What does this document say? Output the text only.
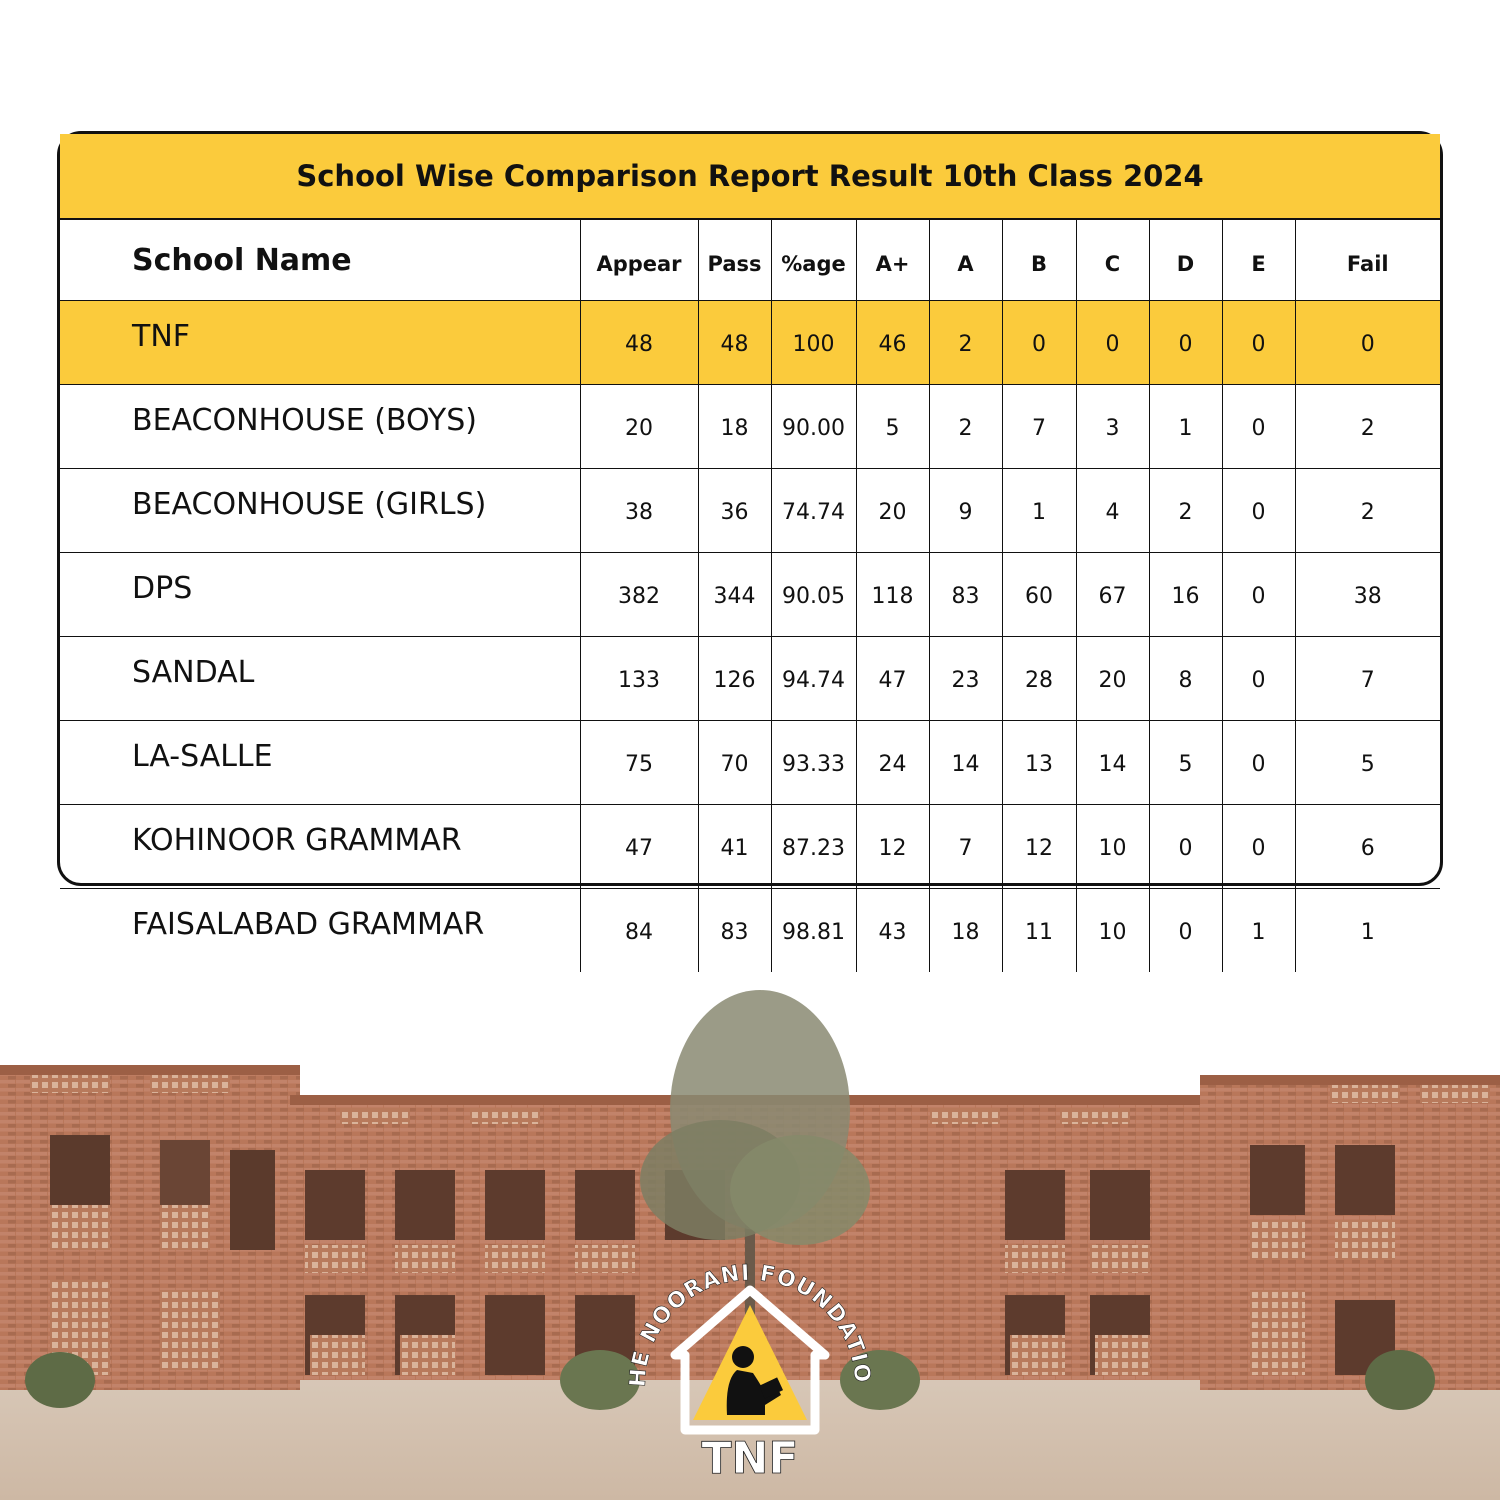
School Wise Comparison Report Result 10th Class 2024
School Name	Appear	Pass	%age	A+	A	B	C	D	E	Fail
TNF	48	48	100	46	2	0	0	0	0	0
BEACONHOUSE (BOYS)	20	18	90.00	5	2	7	3	1	0	2
BEACONHOUSE (GIRLS)	38	36	74.74	20	9	1	4	2	0	2
DPS	382	344	90.05	118	83	60	67	16	0	38
SANDAL	133	126	94.74	47	23	28	20	8	0	7
LA-SALLE	75	70	93.33	24	14	13	14	5	0	5
KOHINOOR GRAMMAR	47	41	87.23	12	7	12	10	0	0	6
FAISALABAD GRAMMAR	84	83	98.81	43	18	11	10	0	1	1
HE NOORANI FOUNDATIO
TNF
